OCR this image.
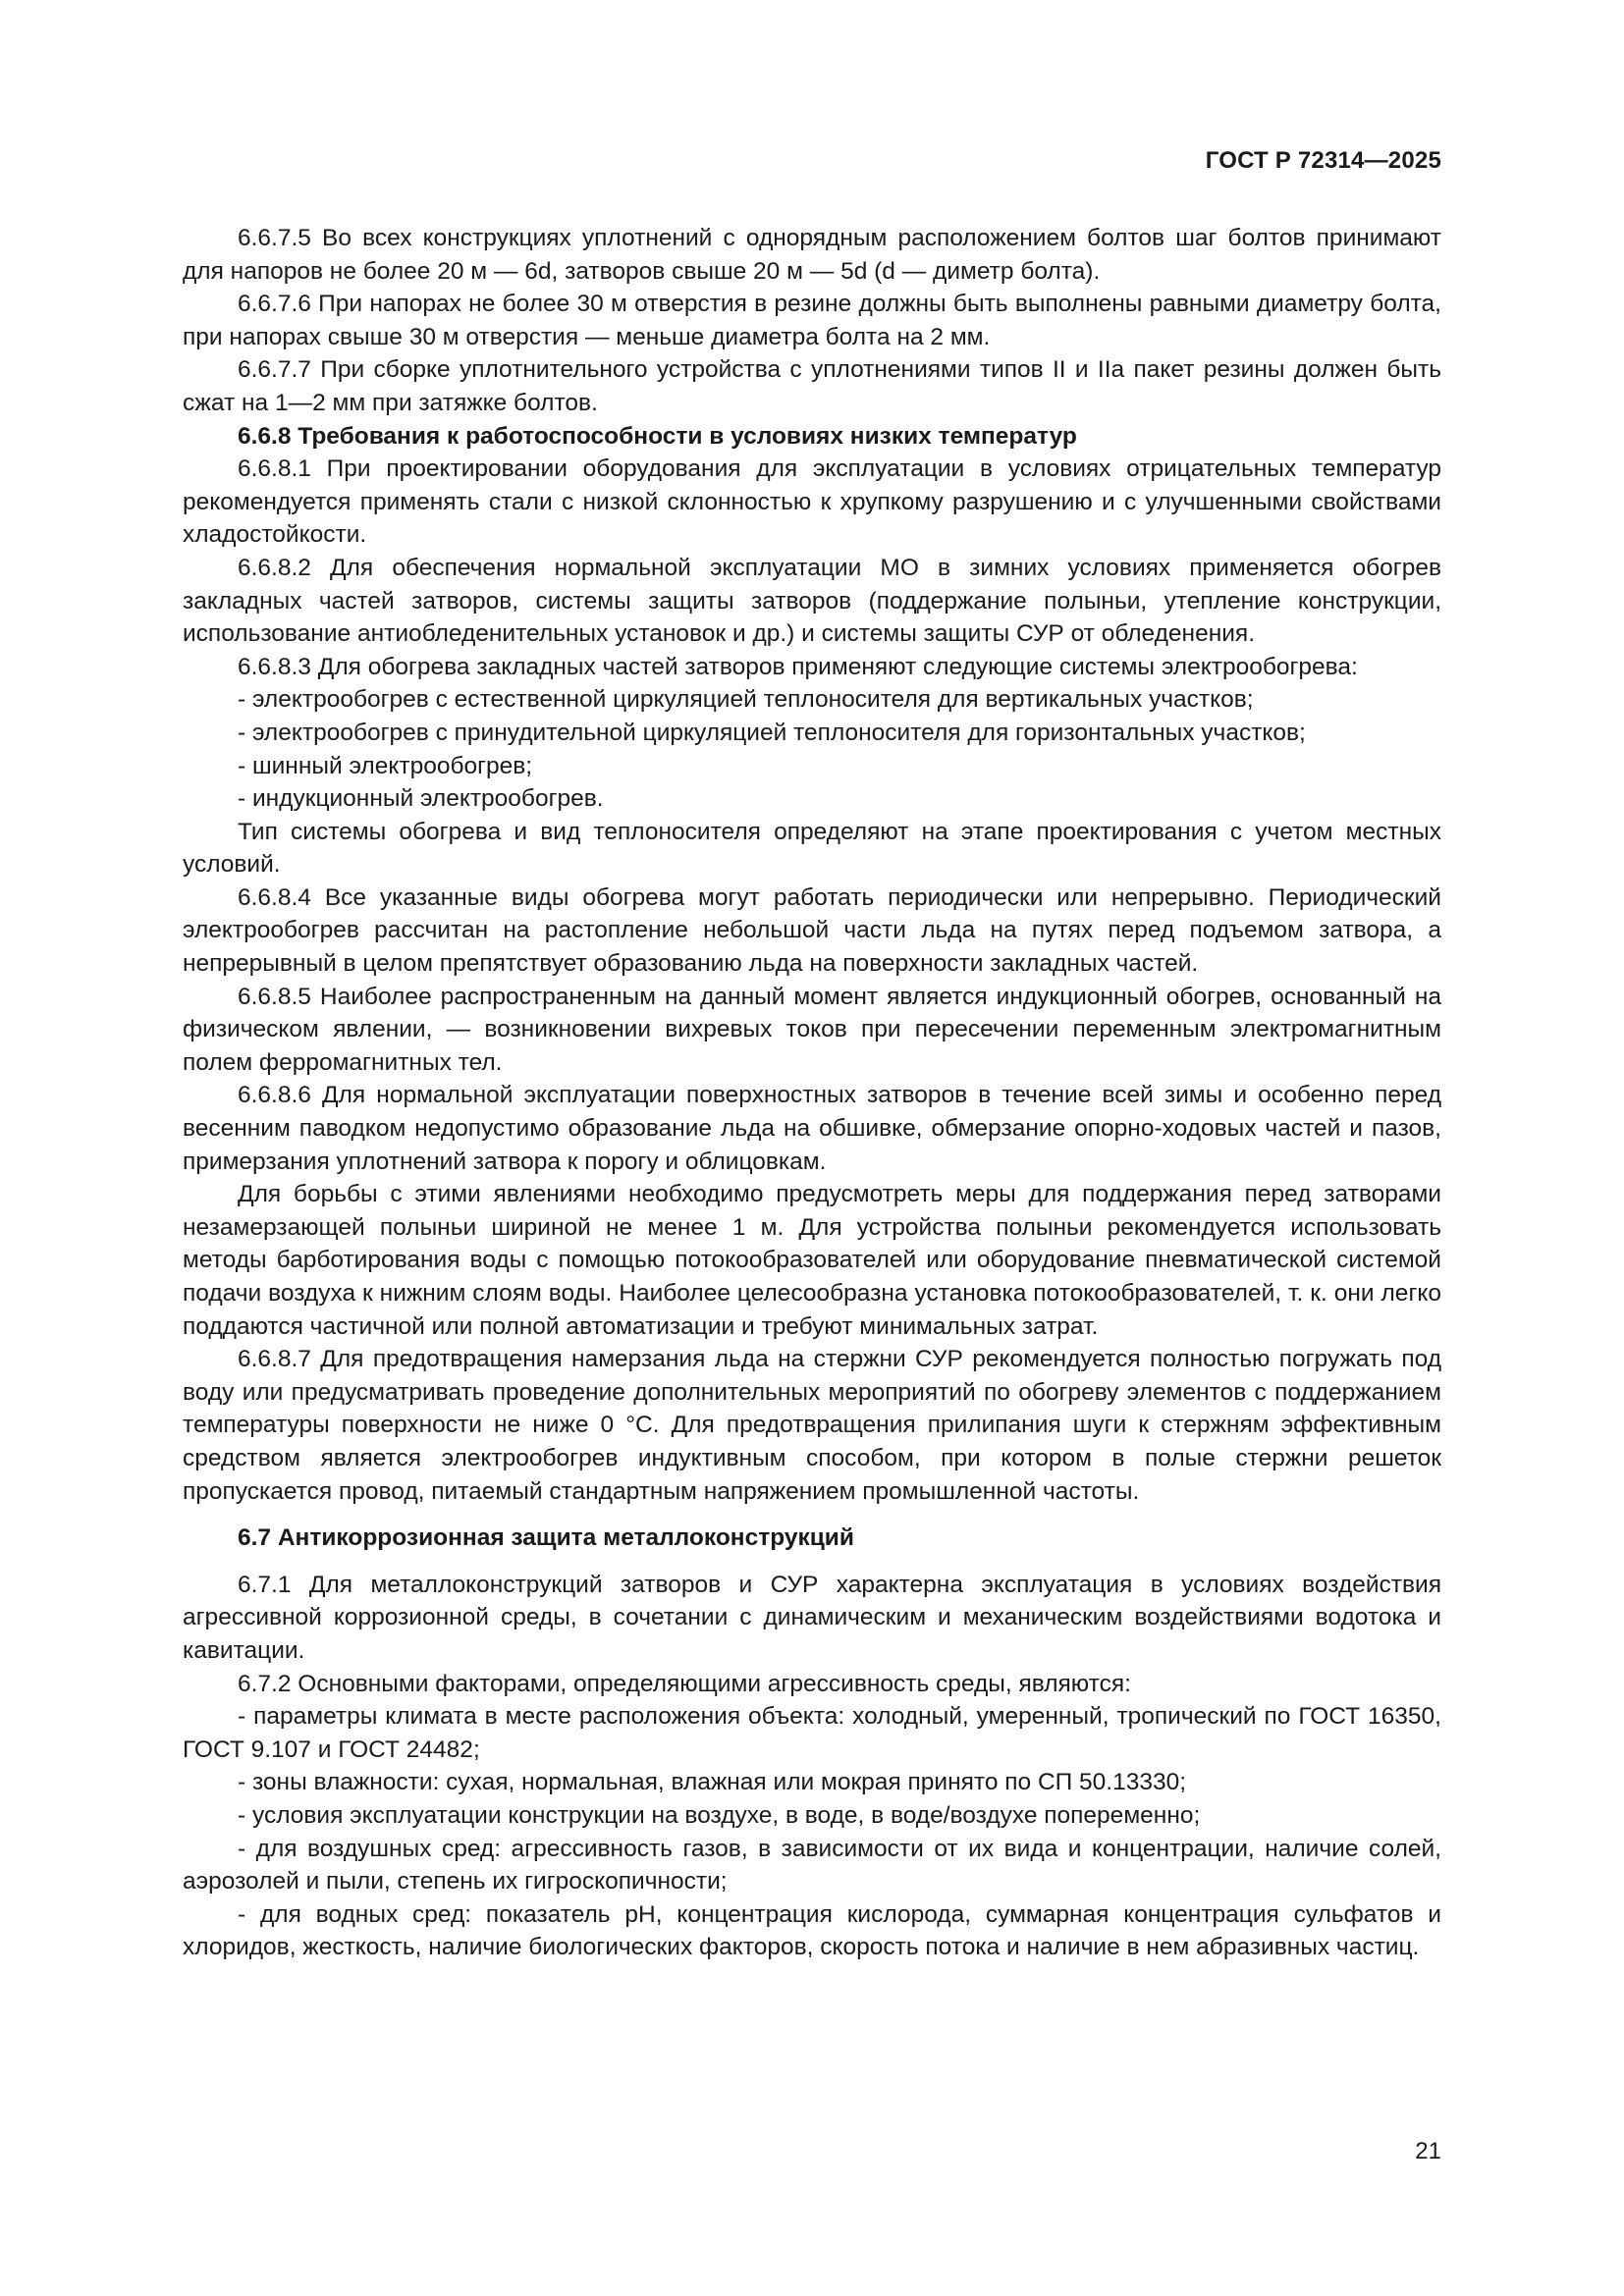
ГОСТ Р 72314—2025

6.6.7.5 Во всех конструкциях уплотнений с однорядным расположением болтов шаг болтов принимают для напоров не более 20 м — 6d, затворов свыше 20 м — 5d (d — диметр болта).

6.6.7.6 При напорах не более 30 м отверстия в резине должны быть выполнены равными диаметру болта, при напорах свыше 30 м отверстия — меньше диаметра болта на 2 мм.

6.6.7.7 При сборке уплотнительного устройства с уплотнениями типов II и IIа пакет резины должен быть сжат на 1—2 мм при затяжке болтов.

6.6.8 Требования к работоспособности в условиях низких температур

6.6.8.1 При проектировании оборудования для эксплуатации в условиях отрицательных температур рекомендуется применять стали с низкой склонностью к хрупкому разрушению и с улучшенными свойствами хладостойкости.

6.6.8.2 Для обеспечения нормальной эксплуатации МО в зимних условиях применяется обогрев закладных частей затворов, системы защиты затворов (поддержание полыньи, утепление конструкции, использование антиобледенительных установок и др.) и системы защиты СУР от обледенения.

6.6.8.3 Для обогрева закладных частей затворов применяют следующие системы электрообогрева:

- электрообогрев с естественной циркуляцией теплоносителя для вертикальных участков;

- электрообогрев с принудительной циркуляцией теплоносителя для горизонтальных участков;

- шинный электрообогрев;

- индукционный электрообогрев.

Тип системы обогрева и вид теплоносителя определяют на этапе проектирования с учетом местных условий.

6.6.8.4 Все указанные виды обогрева могут работать периодически или непрерывно. Периодический электрообогрев рассчитан на растопление небольшой части льда на путях перед подъемом затвора, а непрерывный в целом препятствует образованию льда на поверхности закладных частей.

6.6.8.5 Наиболее распространенным на данный момент является индукционный обогрев, основанный на физическом явлении, — возникновении вихревых токов при пересечении переменным электромагнитным полем ферромагнитных тел.

6.6.8.6 Для нормальной эксплуатации поверхностных затворов в течение всей зимы и особенно перед весенним паводком недопустимо образование льда на обшивке, обмерзание опорно-ходовых частей и пазов, примерзания уплотнений затвора к порогу и облицовкам.

Для борьбы с этими явлениями необходимо предусмотреть меры для поддержания перед затворами незамерзающей полыньи шириной не менее 1 м. Для устройства полыньи рекомендуется использовать методы барботирования воды с помощью потокообразователей или оборудование пневматической системой подачи воздуха к нижним слоям воды. Наиболее целесообразна установка потокообразователей, т. к. они легко поддаются частичной или полной автоматизации и требуют минимальных затрат.

6.6.8.7 Для предотвращения намерзания льда на стержни СУР рекомендуется полностью погружать под воду или предусматривать проведение дополнительных мероприятий по обогреву элементов с поддержанием температуры поверхности не ниже 0 °C. Для предотвращения прилипания шуги к стержням эффективным средством является электрообогрев индуктивным способом, при котором в полые стержни решеток пропускается провод, питаемый стандартным напряжением промышленной частоты.

6.7 Антикоррозионная защита металлоконструкций

6.7.1 Для металлоконструкций затворов и СУР характерна эксплуатация в условиях воздействия агрессивной коррозионной среды, в сочетании с динамическим и механическим воздействиями водотока и кавитации.

6.7.2 Основными факторами, определяющими агрессивность среды, являются:

- параметры климата в месте расположения объекта: холодный, умеренный, тропический по ГОСТ 16350, ГОСТ 9.107 и ГОСТ 24482;

- зоны влажности: сухая, нормальная, влажная или мокрая принято по СП 50.13330;

- условия эксплуатации конструкции на воздухе, в воде, в воде/воздухе попеременно;

- для воздушных сред: агрессивность газов, в зависимости от их вида и концентрации, наличие солей, аэрозолей и пыли, степень их гигроскопичности;

- для водных сред: показатель рН, концентрация кислорода, суммарная концентрация сульфатов и хлоридов, жесткость, наличие биологических факторов, скорость потока и наличие в нем абразивных частиц.

21
